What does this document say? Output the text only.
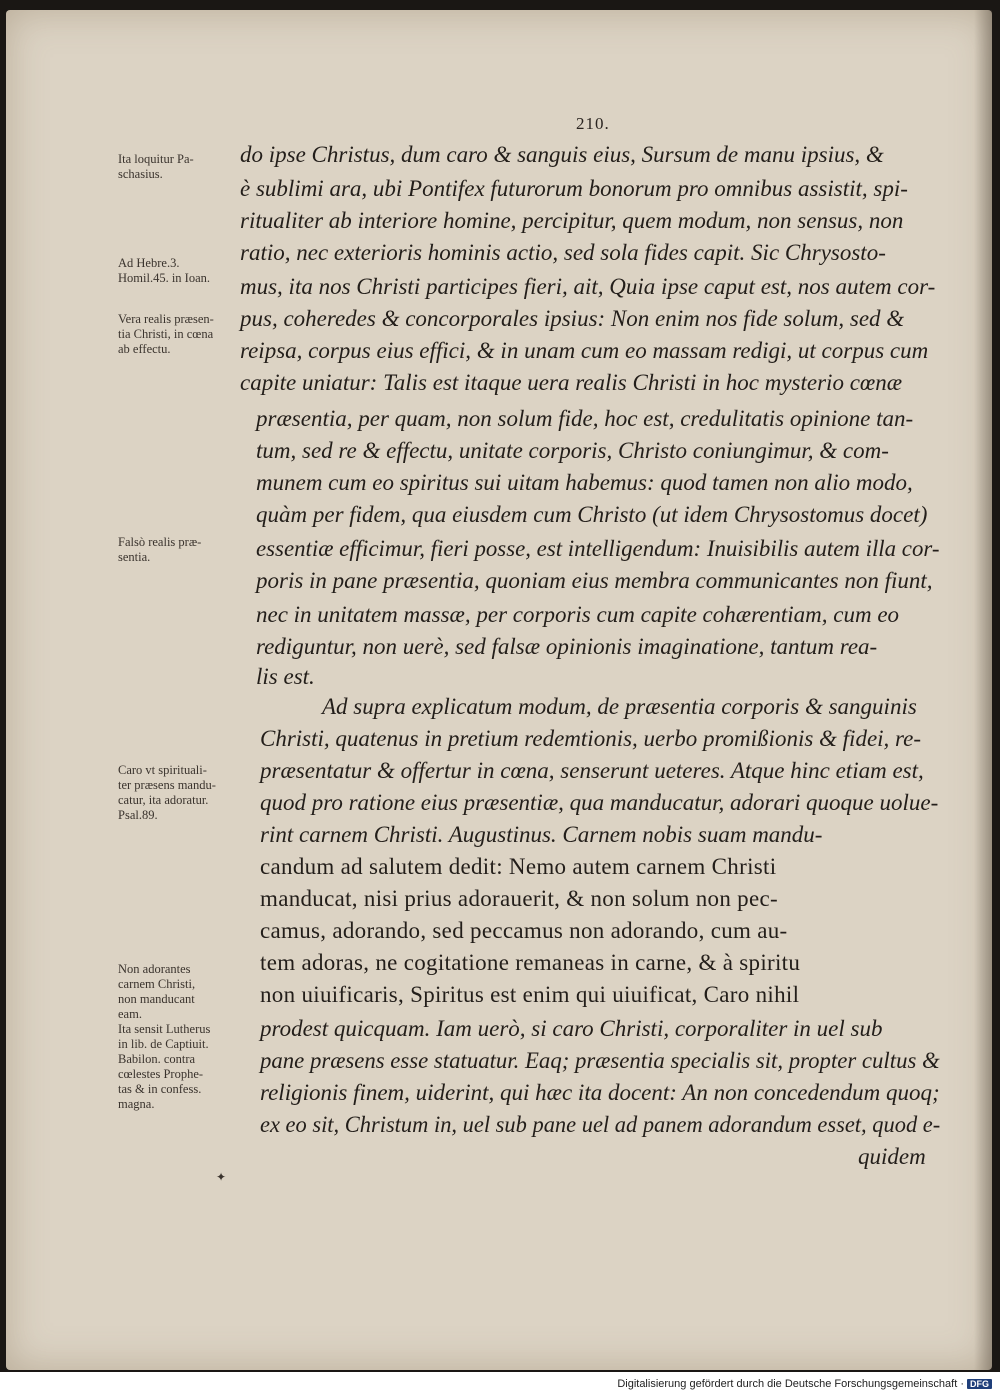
210.
Ita loquitur Pa-
schasius.
Ad Hebre.3.
Homil.45. in Ioan.
Vera realis præsen-
tia Christi, in cœna
ab effectu.
Falsò realis præ-
sentia.
Caro vt spirituali-
ter præsens mandu-
catur, ita adoratur.
Psal.89.
Non adorantes
carnem Christi,
non manducant
eam.
Ita sensit Lutherus
in lib. de Captiuit.
Babilon. contra
cœlestes Prophe-
tas & in confess.
magna.
do ipse Christus, dum caro & sanguis eius, Sursum de manu ipsius, &
è sublimi ara, ubi Pontifex futurorum bonorum pro omnibus assistit, spi-
ritualiter ab interiore homine, percipitur, quem modum, non sensus, non
ratio, nec exterioris hominis actio, sed sola fides capit. Sic Chrysosto-
mus, ita nos Christi participes fieri, ait, Quia ipse caput est, nos autem cor-
pus, coheredes & concorporales ipsius: Non enim nos fide solum, sed &
reipsa, corpus eius effici, & in unam cum eo massam redigi, ut corpus cum
capite uniatur: Talis est itaque uera realis Christi in hoc mysterio cœnæ
præsentia, per quam, non solum fide, hoc est, credulitatis opinione tan-
tum, sed re & effectu, unitate corporis, Christo coniungimur, & com-
munem cum eo spiritus sui uitam habemus: quod tamen non alio modo,
quàm per fidem, qua eiusdem cum Christo (ut idem Chrysostomus docet)
essentiæ efficimur, fieri posse, est intelligendum: Inuisibilis autem illa cor-
poris in pane præsentia, quoniam eius membra communicantes non fiunt,
nec in unitatem massæ, per corporis cum capite cohærentiam, cum eo
rediguntur, non uerè, sed falsæ opinionis imaginatione, tantum rea-
lis est.
Ad supra explicatum modum, de præsentia corporis & sanguinis
Christi, quatenus in pretium redemtionis, uerbo promißionis & fidei, re-
præsentatur & offertur in cœna, senserunt ueteres. Atque hinc etiam est,
quod pro ratione eius præsentiæ, qua manducatur, adorari quoque uolue-
rint carnem Christi. Augustinus. Carnem nobis suam mandu-
candum ad salutem dedit: Nemo autem carnem Christi
manducat, nisi prius adorauerit, & non solum non pec-
camus, adorando, sed peccamus non adorando, cum au-
tem adoras, ne cogitatione remaneas in carne, & à spiritu
non uiuificaris, Spiritus est enim qui uiuificat, Caro nihil
prodest quicquam. Iam uerò, si caro Christi, corporaliter in uel sub
pane præsens esse statuatur. Eaq; præsentia specialis sit, propter cultus &
religionis finem, uiderint, qui hæc ita docent: An non concedendum quoq;
ex eo sit, Christum in, uel sub pane uel ad panem adorandum esset, quod e-
quidem
✦
Digitalisierung gefördert durch die Deutsche Forschungsgemeinschaft · DFG
